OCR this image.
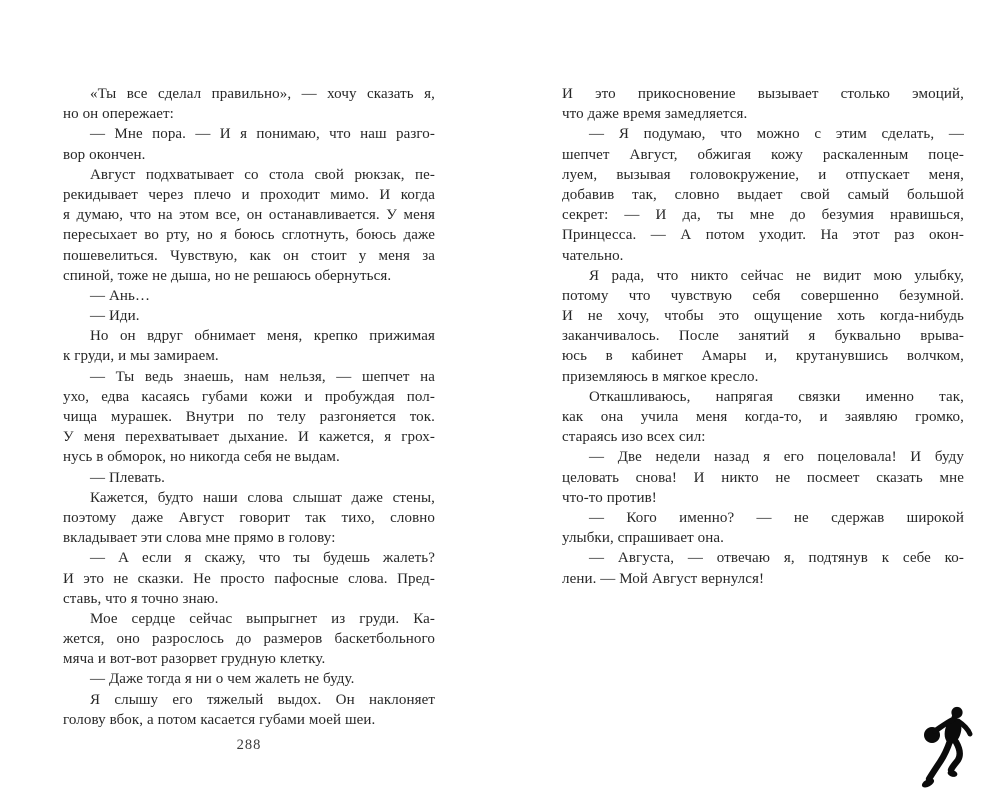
«Ты все сделал правильно», — хочу сказать я,
но он опережает:
— Мне пора. — И я понимаю, что наш разго-
вор окончен.
Август подхватывает со стола свой рюкзак, пе-
рекидывает через плечо и проходит мимо. И когда
я думаю, что на этом все, он останавливается. У меня
пересыхает во рту, но я боюсь сглотнуть, боюсь даже
пошевелиться. Чувствую, как он стоит у меня за
спиной, тоже не дыша, но не решаюсь обернуться.
— Ань…
— Иди.
Но он вдруг обнимает меня, крепко прижимая
к груди, и мы замираем.
— Ты ведь знаешь, нам нельзя, — шепчет на
ухо, едва касаясь губами кожи и пробуждая пол-
чища мурашек. Внутри по телу разгоняется ток.
У меня перехватывает дыхание. И кажется, я грох-
нусь в обморок, но никогда себя не выдам.
— Плевать.
Кажется, будто наши слова слышат даже стены,
поэтому даже Август говорит так тихо, словно
вкладывает эти слова мне прямо в голову:
— А если я скажу, что ты будешь жалеть?
И это не сказки. Не просто пафосные слова. Пред-
ставь, что я точно знаю.
Мое сердце сейчас выпрыгнет из груди. Ка-
жется, оно разрослось до размеров баскетбольного
мяча и вот-вот разорвет грудную клетку.
— Даже тогда я ни о чем жалеть не буду.
Я слышу его тяжелый выдох. Он наклоняет
голову вбок, а потом касается губами моей шеи.
288
И это прикосновение вызывает столько эмоций,
что даже время замедляется.
— Я подумаю, что можно с этим сделать, —
шепчет Август, обжигая кожу раскаленным поце-
луем, вызывая головокружение, и отпускает меня,
добавив так, словно выдает свой самый большой
секрет: — И да, ты мне до безумия нравишься,
Принцесса. — А потом уходит. На этот раз окон-
чательно.
Я рада, что никто сейчас не видит мою улыбку,
потому что чувствую себя совершенно безумной.
И не хочу, чтобы это ощущение хоть когда-нибудь
заканчивалось. После занятий я буквально врыва-
юсь в кабинет Амары и, крутанувшись волчком,
приземляюсь в мягкое кресло.
Откашливаюсь, напрягая связки именно так,
как она учила меня когда-то, и заявляю громко,
стараясь изо всех сил:
— Две недели назад я его поцеловала! И буду
целовать снова! И никто не посмеет сказать мне
что-то против!
— Кого именно? — не сдержав широкой
улыбки, спрашивает она.
— Августа, — отвечаю я, подтянув к себе ко-
лени. — Мой Август вернулся!
